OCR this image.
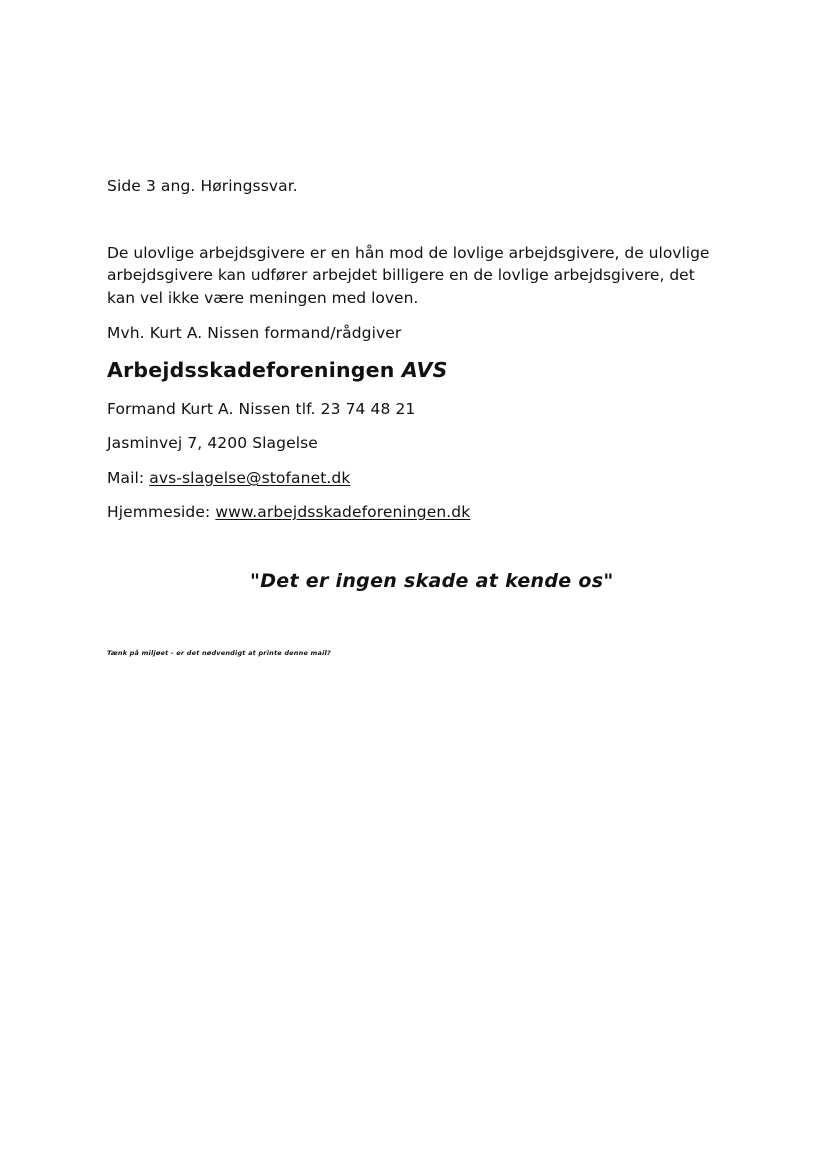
Side 3 ang. Høringssvar.
De ulovlige arbejdsgivere er en hån mod de lovlige arbejdsgivere, de ulovlige
arbejdsgivere kan udfører arbejdet billigere en de lovlige arbejdsgivere, det
kan vel ikke være meningen med loven.
Mvh. Kurt A. Nissen formand/rådgiver
Arbejdsskadeforeningen AVS
Formand Kurt A. Nissen tlf. 23 74 48 21
Jasminvej 7, 4200 Slagelse
Mail: avs-slagelse@stofanet.dk
Hjemmeside: www.arbejdsskadeforeningen.dk
"Det er ingen skade at kende os"
Tænk på miljøet - er det nødvendigt at printe denne mail?
